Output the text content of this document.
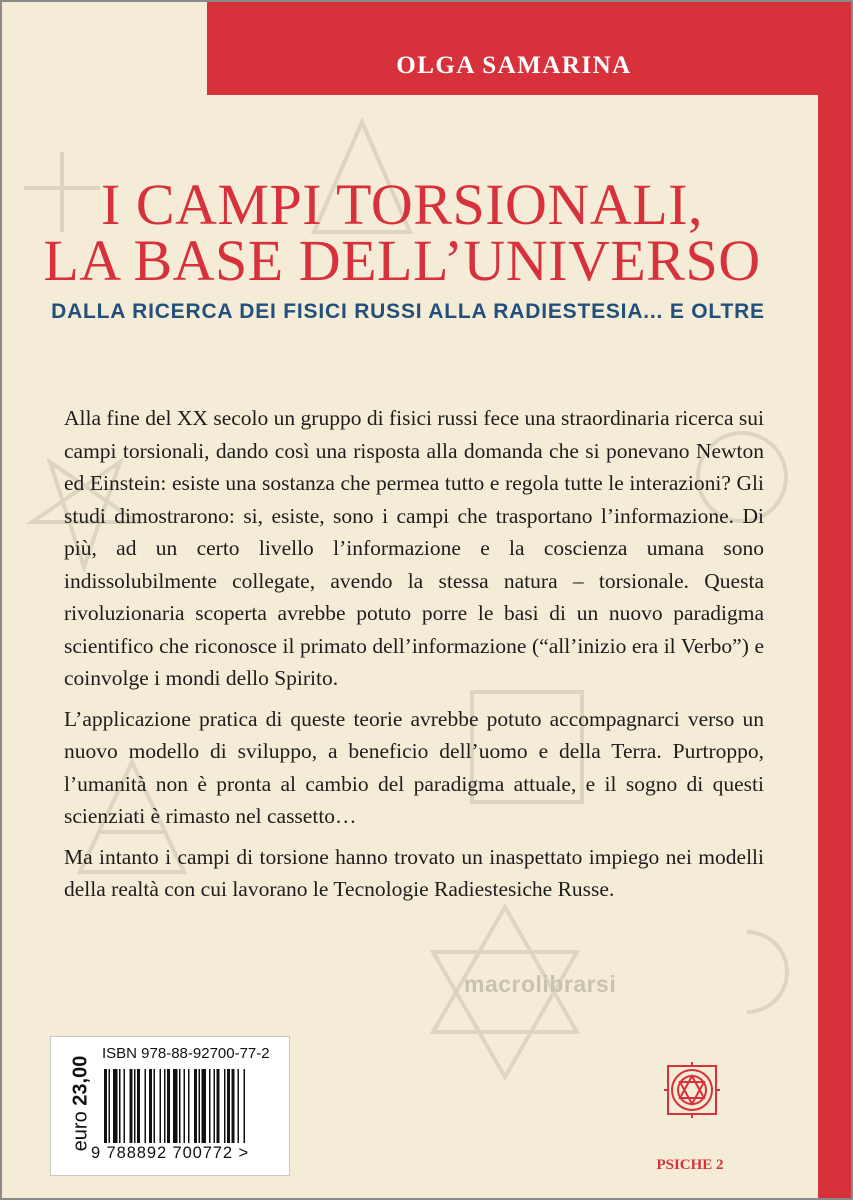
OLGA SAMARINA
I CAMPI TORSIONALI,
LA BASE DELL’UNIVERSO
DALLA RICERCA DEI FISICI RUSSI ALLA RADIESTESIA... E OLTRE

Alla fine del XX secolo un gruppo di fisici russi fece una straordinaria ricerca sui campi torsionali, dando così una risposta alla domanda che si ponevano Newton ed Einstein: esiste una sostanza che permea tutto e regola tutte le interazioni? Gli studi dimostrarono: si, esiste, sono i campi che trasportano l’informazione. Di più, ad un certo livello l’informazione e la coscienza umana sono indissolubilmente collegate, avendo la stessa natura – torsionale. Questa rivoluzionaria scoperta avrebbe potuto porre le basi di un nuovo paradigma scientifico che riconosce il primato dell’informazione (“all’inizio era il Verbo”) e coinvolge i mondi dello Spirito.

L’applicazione pratica di queste teorie avrebbe potuto accompagnarci verso un nuovo modello di sviluppo, a beneficio dell’uomo e della Terra. Purtroppo, l’umanità non è pronta al cambio del paradigma attuale, e il sogno di questi scienziati è rimasto nel cassetto…

Ma intanto i campi di torsione hanno trovato un inaspettato impiego nei modelli della realtà con cui lavorano le Tecnologie Radiestesiche Russe.

macrolibrarsi
euro 23,00
ISBN 978-88-92700-77-2
9 788892 700772 >
PSICHE 2
